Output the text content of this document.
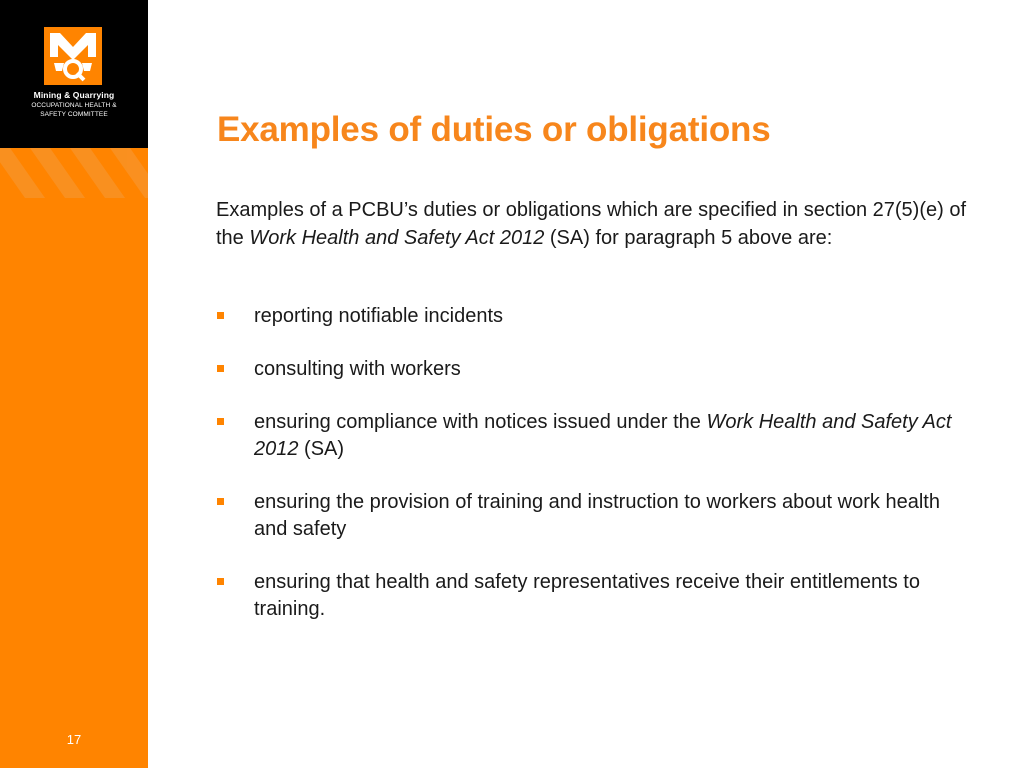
Mining & Quarrying
OCCUPATIONAL HEALTH &
SAFETY COMMITTEE
17
Examples of duties or obligations

Examples of a PCBU’s duties or obligations which are specified in section 27(5)(e) of the Work Health and Safety Act 2012 (SA) for paragraph 5 above are:

reporting notifiable incidents
consulting with workers
ensuring compliance with notices issued under the Work Health and Safety Act 2012 (SA)
ensuring the provision of training and instruction to workers about work health and safety
ensuring that health and safety representatives receive their entitlements to training.
